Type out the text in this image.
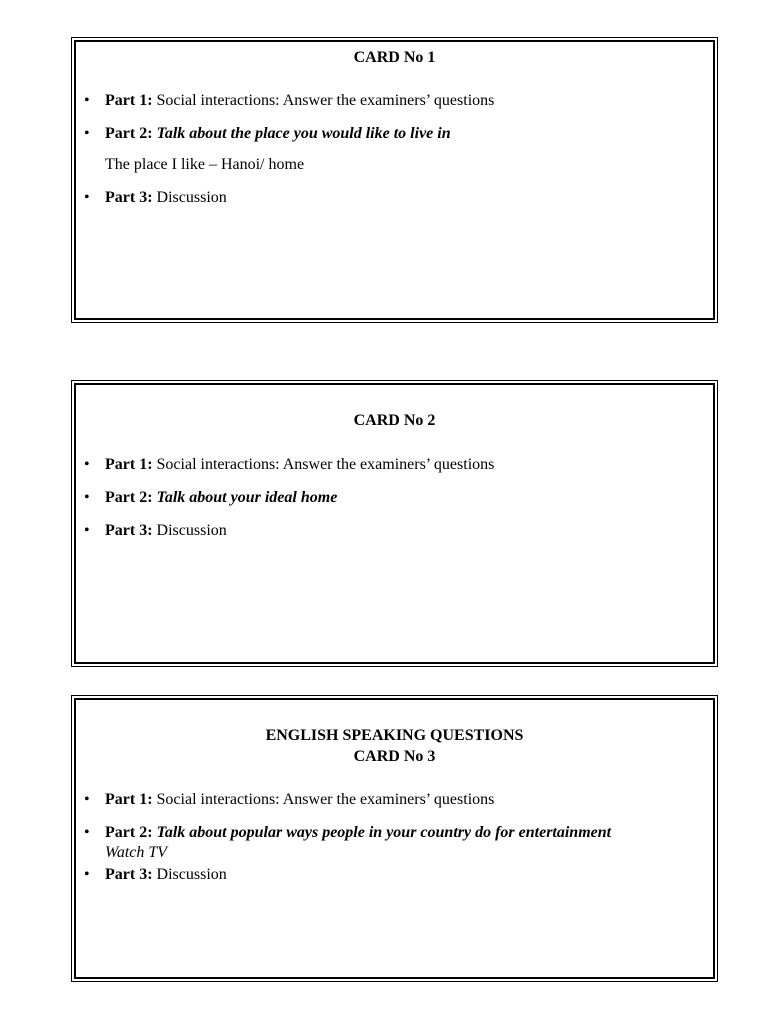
CARD No 1
• Part 1: Social interactions: Answer the examiners’ questions
• Part 2: Talk about the place you would like to live in
The place I like – Hanoi/ home
• Part 3: Discussion
CARD No 2
• Part 1: Social interactions: Answer the examiners’ questions
• Part 2: Talk about your ideal home
• Part 3: Discussion
ENGLISH SPEAKING QUESTIONS
CARD No 3
• Part 1: Social interactions: Answer the examiners’ questions
• Part 2: Talk about popular ways people in your country do for entertainment
Watch TV
• Part 3: Discussion
